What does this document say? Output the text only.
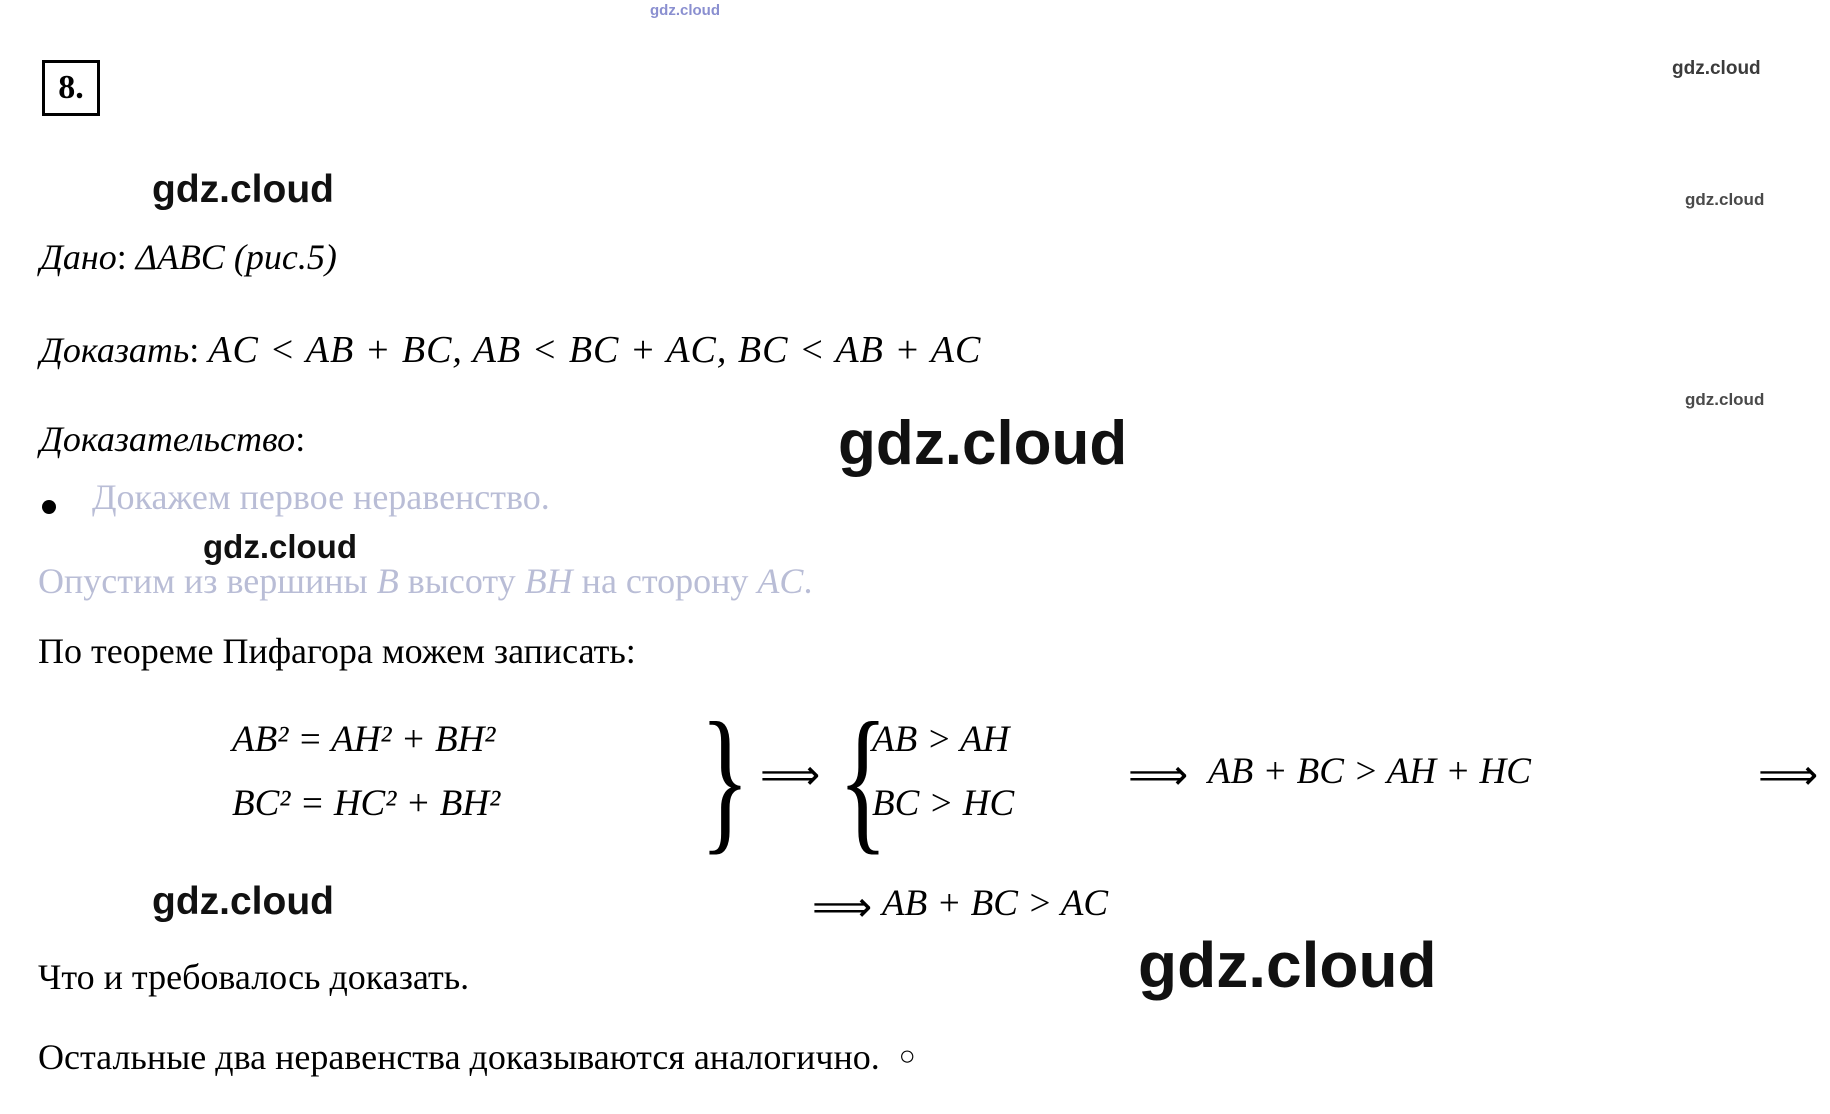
gdz.cloud
gdz.cloud
gdz.cloud
gdz.cloud
gdz.cloud
gdz.cloud
gdz.cloud
gdz.cloud
gdz.cloud
8.
Дано: ΔABC (рис.5)
Доказать: AC < AB + BC, AB < BC + AC, BC < AB + AC
Доказательство:
Докажем первое неравенство.
Опустим из вершины B высоту BH на сторону AC.
По теореме Пифагора можем записать:
AB² = AH² + BH²
BC² = HC² + BH² } ⟹ {
AB > AH
BC > HC
⟹ AB + BC > AH + HC	⟹
⟹ AB + BC > AC
Что и требовалось доказать.
Остальные два неравенства доказываются аналогично. ○
